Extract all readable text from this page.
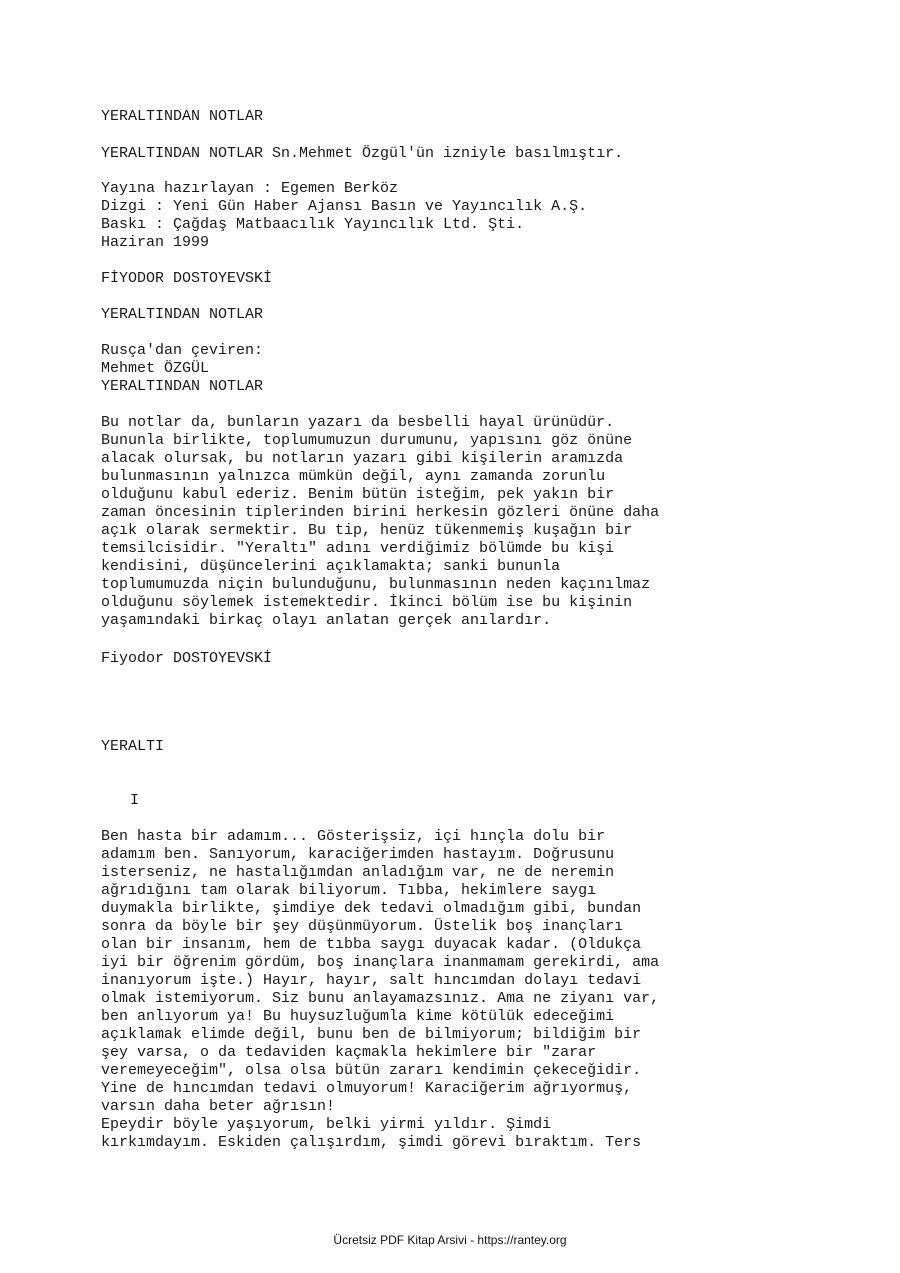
YERALTINDAN NOTLAR

YERALTINDAN NOTLAR Sn.Mehmet Özgül'ün izniyle basılmıştır.

Yayına hazırlayan : Egemen Berköz
Dizgi : Yeni Gün Haber Ajansı Basın ve Yayıncılık A.Ş.
Baskı : Çağdaş Matbaacılık Yayıncılık Ltd. Şti.
Haziran 1999

FİYODOR DOSTOYEVSKİ

YERALTINDAN NOTLAR

Rusça'dan çeviren:
Mehmet ÖZGÜL
YERALTINDAN NOTLAR

Bu notlar da, bunların yazarı da besbelli hayal ürünüdür.
Bununla birlikte, toplumumuzun durumunu, yapısını göz önüne
alacak olursak, bu notların yazarı gibi kişilerin aramızda
bulunmasının yalnızca mümkün değil, aynı zamanda zorunlu
olduğunu kabul ederiz. Benim bütün isteğim, pek yakın bir
zaman öncesinin tiplerinden birini herkesin gözleri önüne daha
açık olarak sermektir. Bu tip, henüz tükenmemiş kuşağın bir
temsilcisidir. "Yeraltı" adını verdiğimiz bölümde bu kişi
kendisini, düşüncelerini açıklamakta; sanki bununla
toplumumuzda niçin bulunduğunu, bulunmasının neden kaçınılmaz
olduğunu söylemek istemektedir. İkinci bölüm ise bu kişinin
yaşamındaki birkaç olayı anlatan gerçek anılardır.

Fiyodor DOSTOYEVSKİ

YERALTI

I

Ben hasta bir adamım... Gösterişsiz, içi hınçla dolu bir
adamım ben. Sanıyorum, karaciğerimden hastayım. Doğrusunu
isterseniz, ne hastalığımdan anladığım var, ne de neremin
ağrıdığını tam olarak biliyorum. Tıbba, hekimlere saygı
duymakla birlikte, şimdiye dek tedavi olmadığım gibi, bundan
sonra da böyle bir şey düşünmüyorum. Üstelik boş inançları
olan bir insanım, hem de tıbba saygı duyacak kadar. (Oldukça
iyi bir öğrenim gördüm, boş inançlara inanmamam gerekirdi, ama
inanıyorum işte.) Hayır, hayır, salt hıncımdan dolayı tedavi
olmak istemiyorum. Siz bunu anlayamazsınız. Ama ne ziyanı var,
ben anlıyorum ya! Bu huysuzluğumla kime kötülük edeceğimi
açıklamak elimde değil, bunu ben de bilmiyorum; bildiğim bir
şey varsa, o da tedaviden kaçmakla hekimlere bir "zarar
veremeyeceğim", olsa olsa bütün zararı kendimin çekeceğidir.
Yine de hıncımdan tedavi olmuyorum! Karaciğerim ağrıyormuş,
varsın daha beter ağrısın!
Epeydir böyle yaşıyorum, belki yirmi yıldır. Şimdi
kırkımdayım. Eskiden çalışırdım, şimdi görevi bıraktım. Ters

Ücretsiz PDF Kitap Arsivi - https://rantey.org
